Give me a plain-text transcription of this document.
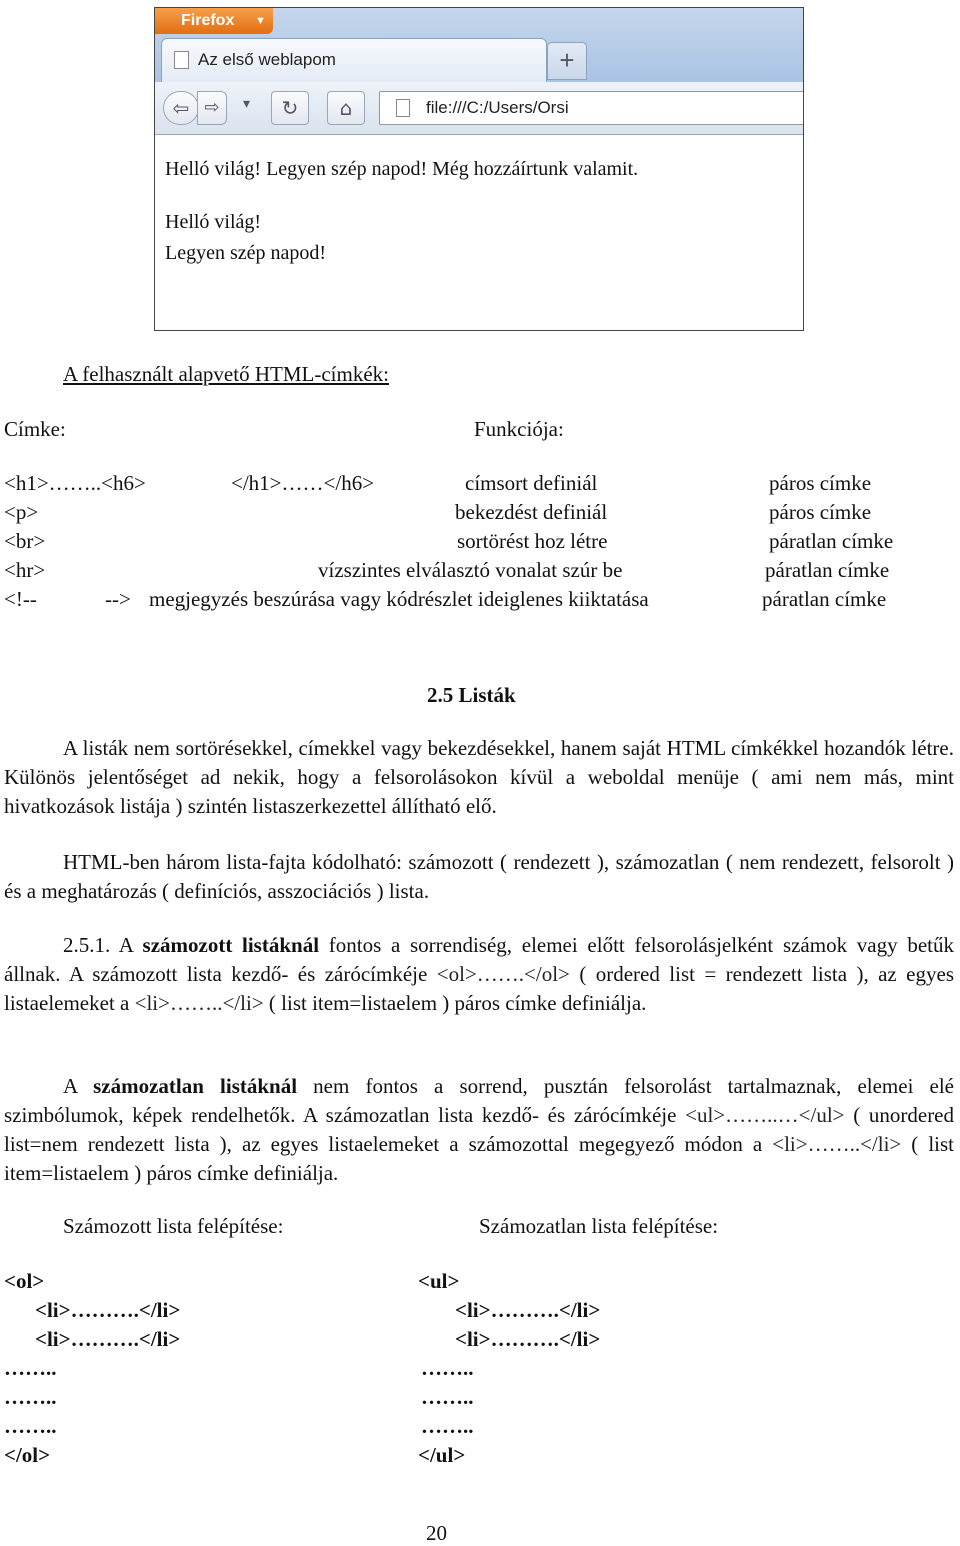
Firefox ▼
Az első weblapom	+
⇦ ⇨	▾	↻	⌂	file:///C:/Users/Orsi
Helló világ! Legyen szép napod! Még hozzáírtunk valamit.
Helló világ!
Legyen szép napod!
A felhasznált alapvető HTML-címkék:
Címke:	Funkciója:
<h1>……..<h6>	</h1>……</h6>	címsort definiál	páros címke
<p>	bekezdést definiál	páros címke
<br>	sortörést hoz létre	páratlan címke
<hr>	vízszintes elválasztó vonalat szúr be	páratlan címke
<!--	--> megjegyzés beszúrása vagy kódrészlet ideiglenes kiiktatása	páratlan címke
2.5 Listák

A listák nem sortörésekkel, címekkel vagy bekezdésekkel, hanem saját HTML címkékkel hozandók létre. Különös jelentőséget ad nekik, hogy a felsorolásokon kívül a weboldal menüje ( ami nem más, mint hivatkozások listája ) szintén listaszerkezettel állítható elő.

HTML-ben három lista-fajta kódolható: számozott ( rendezett ), számozatlan ( nem rendezett, felsorolt ) és a meghatározás ( definíciós, asszociációs ) lista.

2.5.1. A számozott listáknál fontos a sorrendiség, elemei előtt felsorolásjelként számok vagy betűk állnak. A számozott lista kezdő- és zárócímkéje <ol>…….</ol> ( ordered list = rendezett lista ), az egyes listaelemeket a <li>……..</li> ( list item=listaelem ) páros címke definiálja.

A számozatlan listáknál nem fontos a sorrend, pusztán felsorolást tartalmaznak, elemei elé szimbólumok, képek rendelhetők. A számozatlan lista kezdő- és zárócímkéje <ul>……..…</ul> ( unordered list=nem rendezett lista ), az egyes listaelemeket a számozottal megegyező módon a <li>……..</li> ( list item=listaelem ) páros címke definiálja.

Számozott lista felépítése:	Számozatlan lista felépítése:
<ol>
<li>……….</li>
<li>……….</li>
……..
……..
……..
</ol>
<ul>
<li>……….</li>
<li>……….</li>
……..
……..
……..
</ul>
20
